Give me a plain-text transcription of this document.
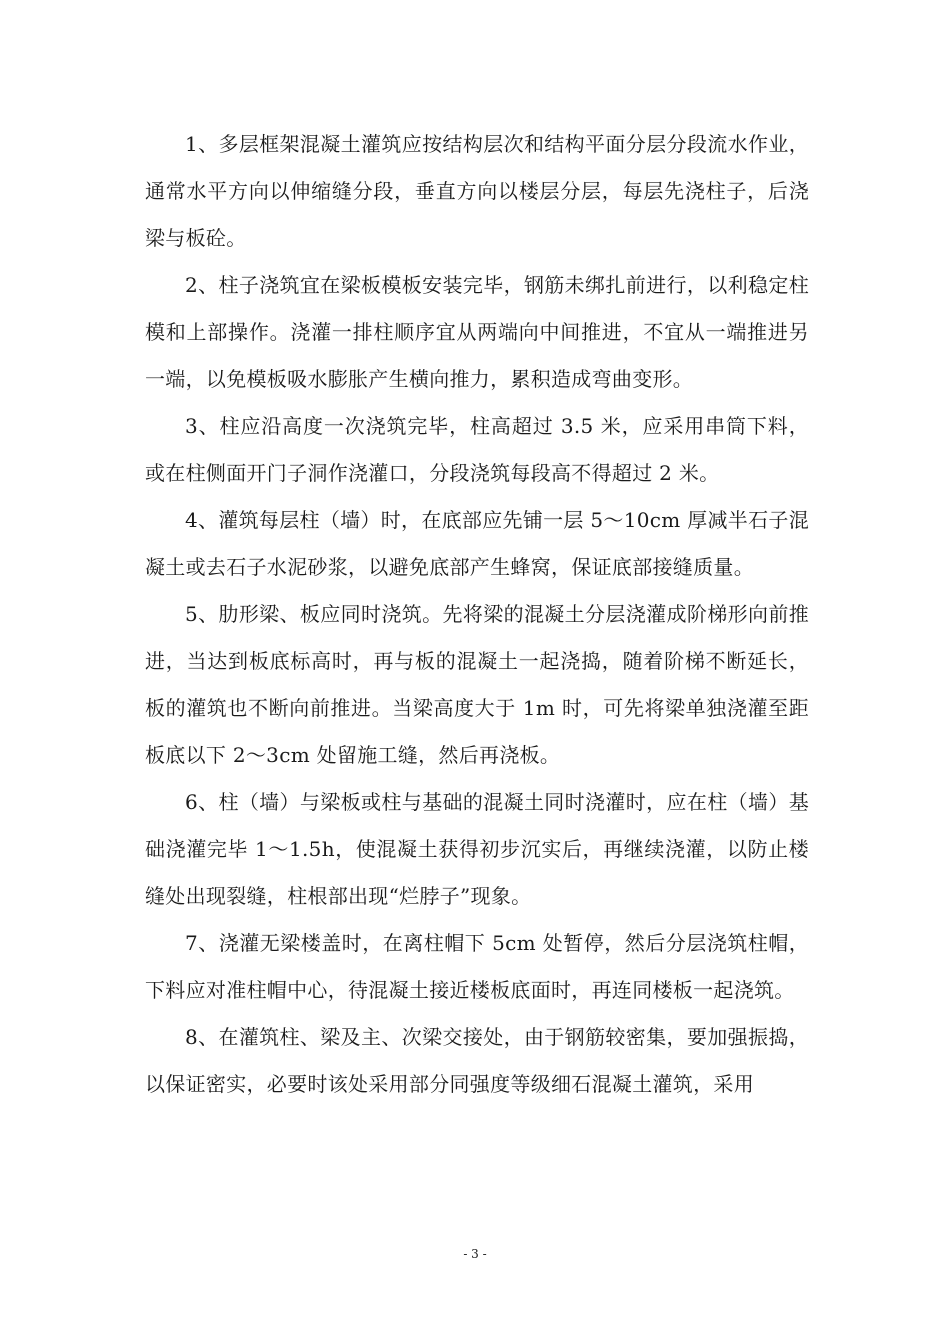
1、多层框架混凝土灌筑应按结构层次和结构平面分层分段流水作业，通常水平方向以伸缩缝分段，垂直方向以楼层分层，每层先浇柱子，后浇梁与板砼。

2、柱子浇筑宜在梁板模板安装完毕，钢筋未绑扎前进行，以利稳定柱模和上部操作。浇灌一排柱顺序宜从两端向中间推进，不宜从一端推进另一端，以免模板吸水膨胀产生横向推力，累积造成弯曲变形。

3、柱应沿高度一次浇筑完毕，柱高超过 3.5 米，应采用串筒下料，或在柱侧面开门子洞作浇灌口，分段浇筑每段高不得超过 2 米。

4、灌筑每层柱（墙）时，在底部应先铺一层 5～10cm 厚减半石子混凝土或去石子水泥砂浆，以避免底部产生蜂窝，保证底部接缝质量。

5、肋形梁、板应同时浇筑。先将梁的混凝土分层浇灌成阶梯形向前推进，当达到板底标高时，再与板的混凝土一起浇捣，随着阶梯不断延长，板的灌筑也不断向前推进。当梁高度大于 1m 时，可先将梁单独浇灌至距板底以下 2～3cm 处留施工缝，然后再浇板。

6、柱（墙）与梁板或柱与基础的混凝土同时浇灌时，应在柱（墙）基础浇灌完毕 1～1.5h，使混凝土获得初步沉实后，再继续浇灌，以防止楼缝处出现裂缝，柱根部出现“烂脖子”现象。

7、浇灌无梁楼盖时，在离柱帽下 5cm 处暂停，然后分层浇筑柱帽，下料应对准柱帽中心，待混凝土接近楼板底面时，再连同楼板一起浇筑。

8、在灌筑柱、梁及主、次梁交接处，由于钢筋较密集，要加强振捣，以保证密实，必要时该处采用部分同强度等级细石混凝土灌筑，采用

- 3 -
